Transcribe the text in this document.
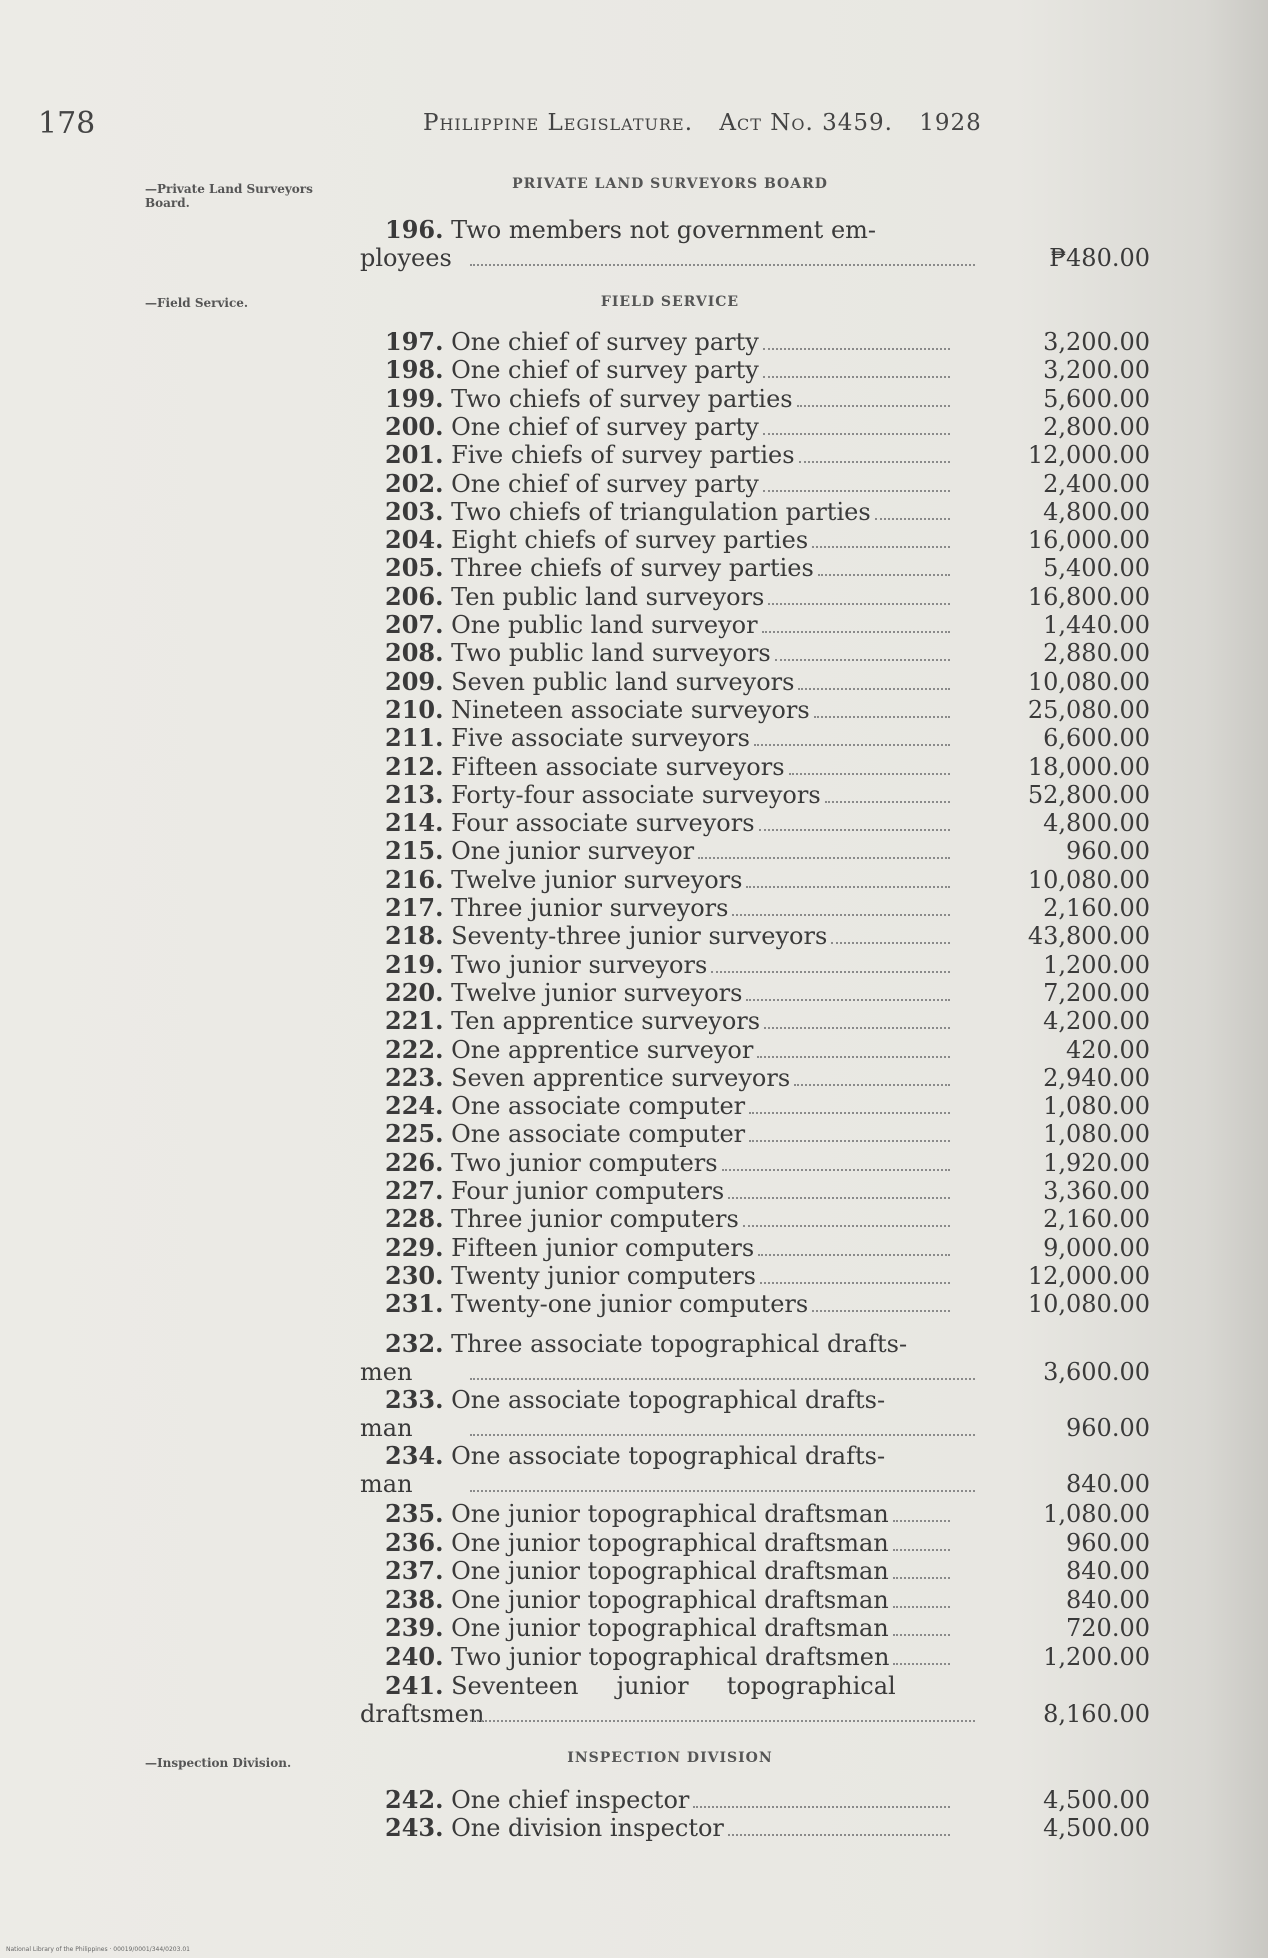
178	Philippine Legislature. Act No. 3459. 1928
—Private Land Surveyors Board.
—Field Service.
—Inspection Division.
PRIVATE LAND SURVEYORS BOARD
FIELD SERVICE
INSPECTION DIVISION
196. Two members not government em-
ployees	₱480.00
197. One chief of survey party	3,200.00
198. One chief of survey party	3,200.00
199. Two chiefs of survey parties	5,600.00
200. One chief of survey party	2,800.00
201. Five chiefs of survey parties	12,000.00
202. One chief of survey party	2,400.00
203. Two chiefs of triangulation parties	4,800.00
204. Eight chiefs of survey parties	16,000.00
205. Three chiefs of survey parties	5,400.00
206. Ten public land surveyors	16,800.00
207. One public land surveyor	1,440.00
208. Two public land surveyors	2,880.00
209. Seven public land surveyors	10,080.00
210. Nineteen associate surveyors	25,080.00
211. Five associate surveyors	6,600.00
212. Fifteen associate surveyors	18,000.00
213. Forty-four associate surveyors	52,800.00
214. Four associate surveyors	4,800.00
215. One junior surveyor	960.00
216. Twelve junior surveyors	10,080.00
217. Three junior surveyors	2,160.00
218. Seventy-three junior surveyors	43,800.00
219. Two junior surveyors	1,200.00
220. Twelve junior surveyors	7,200.00
221. Ten apprentice surveyors	4,200.00
222. One apprentice surveyor	420.00
223. Seven apprentice surveyors	2,940.00
224. One associate computer	1,080.00
225. One associate computer	1,080.00
226. Two junior computers	1,920.00
227. Four junior computers	3,360.00
228. Three junior computers	2,160.00
229. Fifteen junior computers	9,000.00
230. Twenty junior computers	12,000.00
231. Twenty-one junior computers	10,080.00
232. Three associate topographical drafts-
men	3,600.00
233. One associate topographical drafts-
man	960.00
234. One associate topographical drafts-
man	840.00
235. One junior topographical draftsman	1,080.00
236. One junior topographical draftsman	960.00
237. One junior topographical draftsman	840.00
238. One junior topographical draftsman	840.00
239. One junior topographical draftsman	720.00
240. Two junior topographical draftsmen	1,200.00
241. Seventeen     junior     topographical
draftsmen	8,160.00
242. One chief inspector	4,500.00
243. One division inspector	4,500.00
National Library of the Philippines · 00019/0001/344/0203.01
